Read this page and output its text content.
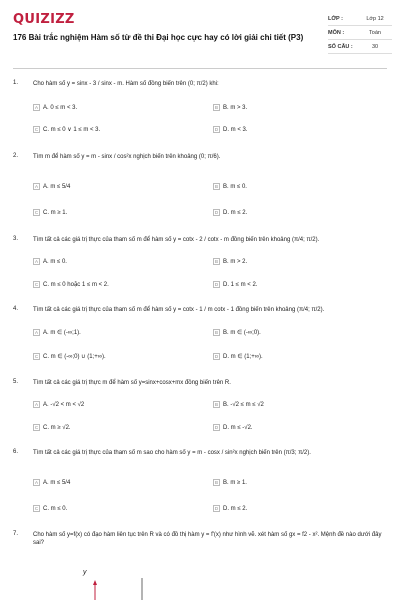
QUIZIZZ
176 Bài trắc nghiệm Hàm số từ đề thi Đại học cực hay có lời giải chi tiết (P3)
LỚP :	Lớp 12
MÔN :	Toán
SỐ CÂU :	30
1.	Cho hàm số y = sinx - 3 / sinx - m. Hàm số đồng biến trên (0; π/2) khi:
A A. 0 ≤ m < 3.	B B. m > 3.
C C. m ≤ 0 ∨ 1 ≤ m < 3.	D D. m < 3.
2.	Tìm m để hàm số y = m - sinx / cos²x nghịch biến trên khoảng (0; π/6).
A A. m ≤ 5/4	B B. m ≤ 0.
C C. m ≥ 1.	D D. m ≤ 2.
3.	Tìm tất cả các giá trị thực của tham số m để hàm số y = cotx - 2 / cotx - m đồng biến trên khoảng (π/4; π/2).
A A. m ≤ 0.	B B. m > 2.
C C. m ≤ 0 hoặc 1 ≤ m < 2.	D D. 1 ≤ m < 2.
4.	Tìm tất cả các giá trị thực của tham số m để hàm số y = cotx - 1 / m cotx - 1 đồng biến trên khoảng (π/4; π/2).
A A. m ∈ (-∞;1).	B B. m ∈ (-∞;0).
C C. m ∈ (-∞;0) ∪ (1;+∞).	D D. m ∈ (1;+∞).
5.	Tìm tất cả các giá trị thực m để hàm số y=sinx+cosx+mx đồng biến trên R.
A A. -√2 < m < √2	B B. -√2 ≤ m ≤ √2
C C. m ≥ √2.	D D. m ≤ -√2.
6.	Tìm tất cả các giá trị thực của tham số m sao cho hàm số y = m - cosx / sin²x nghịch biến trên (π/3; π/2).
A A. m ≤ 5/4	B B. m ≥ 1.
C C. m ≤ 0.	D D. m ≤ 2.
7.	Cho hàm số y=f(x) có đạo hàm liên tục trên R và có đồ thị hàm y = f'(x) như hình vẽ. xét hàm số gx = f2 - x². Mệnh đề nào dưới đây sai?
y
